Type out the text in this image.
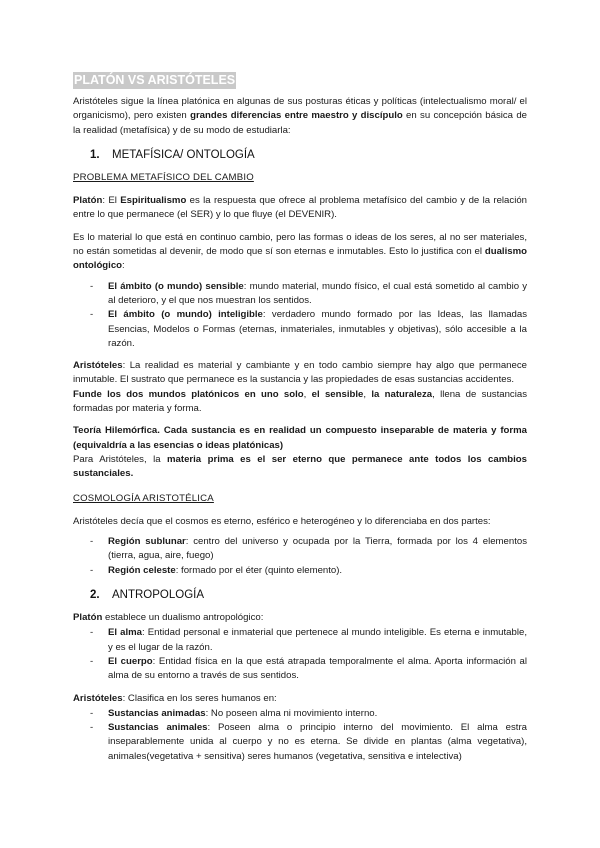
PLATÓN VS ARISTÓTELES

Aristóteles sigue la línea platónica en algunas de sus posturas éticas y políticas (intelectualismo moral/ el organicismo), pero existen grandes diferencias entre maestro y discípulo en su concepción básica de la realidad (metafísica) y de su modo de estudiarla:

1. METAFÍSICA/ ONTOLOGÍA

PROBLEMA METAFÍSICO DEL CAMBIO

Platón: El Espiritualismo es la respuesta que ofrece al problema metafísico del cambio y de la relación entre lo que permanece (el SER) y lo que fluye (el DEVENIR).

Es lo material lo que está en continuo cambio, pero las formas o ideas de los seres, al no ser materiales, no están sometidas al devenir, de modo que sí son eternas e inmutables. Esto lo justifica con el dualismo ontológico:

- El ámbito (o mundo) sensible: mundo material, mundo físico, el cual está sometido al cambio y al deterioro, y el que nos muestran los sentidos.
- El ámbito (o mundo) inteligible: verdadero mundo formado por las Ideas, las llamadas Esencias, Modelos o Formas (eternas, inmateriales, inmutables y objetivas), sólo accesible a la razón.

Aristóteles: La realidad es material y cambiante y en todo cambio siempre hay algo que permanece inmutable. El sustrato que permanece es la sustancia y las propiedades de esas sustancias accidentes.

Funde los dos mundos platónicos en uno solo, el sensible, la naturaleza, llena de sustancias formadas por materia y forma.

Teoría Hilemórfica. Cada sustancia es en realidad un compuesto inseparable de materia y forma (equivaldría a las esencias o ideas platónicas)

Para Aristóteles, la materia prima es el ser eterno que permanece ante todos los cambios sustanciales.

COSMOLOGÍA ARISTOTÉLICA

Aristóteles decía que el cosmos es eterno, esférico e heterogéneo y lo diferenciaba en dos partes:

- Región sublunar: centro del universo y ocupada por la Tierra, formada por los 4 elementos (tierra, agua, aire, fuego)
- Región celeste: formado por el éter (quinto elemento).
2. ANTROPOLOGÍA

Platón establece un dualismo antropológico:

- El alma: Entidad personal e inmaterial que pertenece al mundo inteligible. Es eterna e inmutable, y es el lugar de la razón.
- El cuerpo: Entidad física en la que está atrapada temporalmente el alma. Aporta información al alma de su entorno a través de sus sentidos.

Aristóteles: Clasifica en los seres humanos en:

- Sustancias animadas: No poseen alma ni movimiento interno.
- Sustancias animales: Poseen alma o principio interno del movimiento. El alma estra inseparablemente unida al cuerpo y no es eterna. Se divide en plantas (alma vegetativa), animales(vegetativa + sensitiva) seres humanos (vegetativa, sensitiva e intelectiva)
